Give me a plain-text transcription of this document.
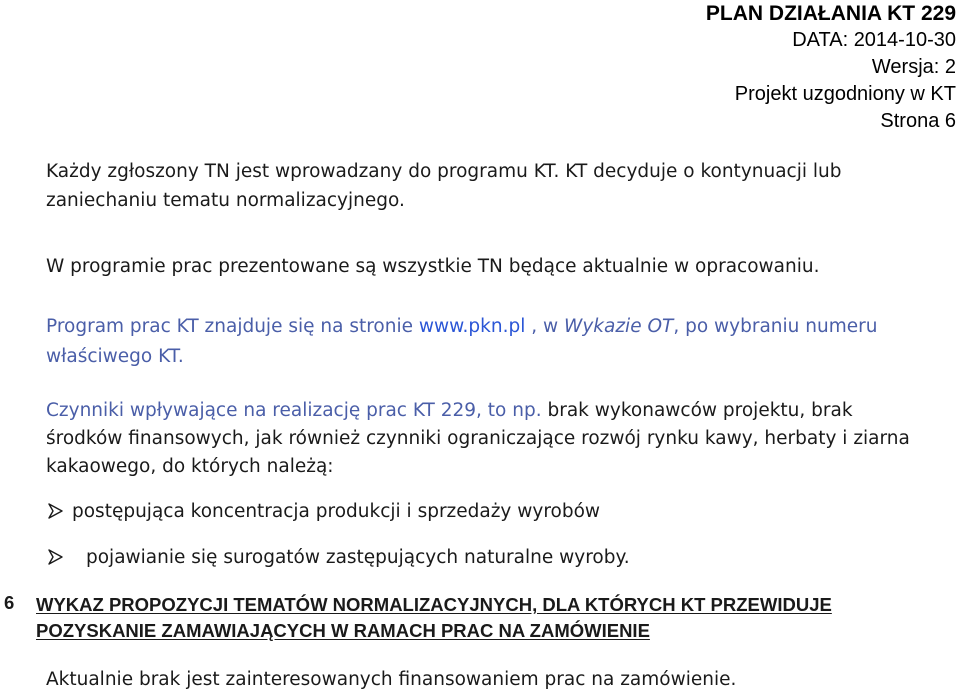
PLAN DZIAŁANIA KT 229
DATA: 2014-10-30
Wersja: 2
Projekt uzgodniony w KT
Strona 6

Każdy zgłoszony TN jest wprowadzany do programu KT. KT decyduje o kontynuacji lub zaniechaniu tematu normalizacyjnego.

W programie prac prezentowane są wszystkie TN będące aktualnie w opracowaniu.

Program prac KT znajduje się na stronie www.pkn.pl , w Wykazie OT, po wybraniu numeru właściwego KT.

Czynniki wpływające na realizację prac KT 229, to np. brak wykonawców projektu, brak środków finansowych, jak również czynniki ograniczające rozwój rynku kawy, herbaty i ziarna kakaowego, do których należą:

postępująca koncentracja produkcji i sprzedaży wyrobów
pojawianie się surogatów zastępujących naturalne wyroby.
6 WYKAZ PROPOZYCJI TEMATÓW NORMALIZACYJNYCH, DLA KTÓRYCH KT PRZEWIDUJE POZYSKANIE ZAMAWIAJĄCYCH W RAMACH PRAC NA ZAMÓWIENIE

Aktualnie brak jest zainteresowanych finansowaniem prac na zamówienie.
